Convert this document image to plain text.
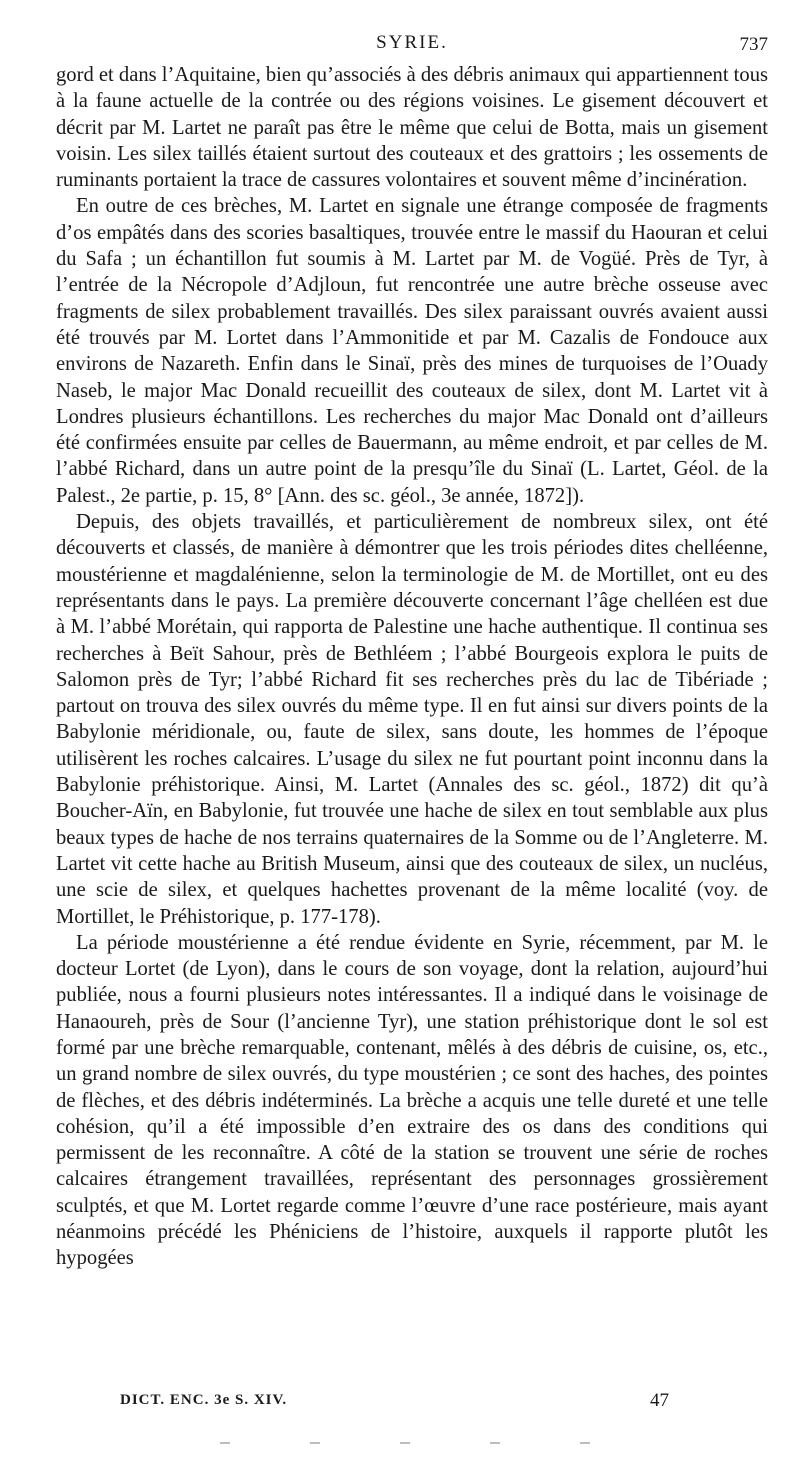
SYRIE.	737

gord et dans l’Aquitaine, bien qu’associés à des débris animaux qui appartiennent tous à la faune actuelle de la contrée ou des régions voisines. Le gisement découvert et décrit par M. Lartet ne paraît pas être le même que celui de Botta, mais un gisement voisin. Les silex taillés étaient surtout des couteaux et des grattoirs ; les ossements de ruminants portaient la trace de cassures volontaires et souvent même d’incinération.

En outre de ces brèches, M. Lartet en signale une étrange composée de fragments d’os empâtés dans des scories basaltiques, trouvée entre le massif du Haouran et celui du Safa ; un échantillon fut soumis à M. Lartet par M. de Vogüé. Près de Tyr, à l’entrée de la Nécropole d’Adjloun, fut rencontrée une autre brèche osseuse avec fragments de silex probablement travaillés. Des silex paraissant ouvrés avaient aussi été trouvés par M. Lortet dans l’Ammonitide et par M. Cazalis de Fondouce aux environs de Nazareth. Enfin dans le Sinaï, près des mines de turquoises de l’Ouady Naseb, le major Mac Donald recueillit des couteaux de silex, dont M. Lartet vit à Londres plusieurs échantillons. Les recherches du major Mac Donald ont d’ailleurs été confirmées ensuite par celles de Bauermann, au même endroit, et par celles de M. l’abbé Richard, dans un autre point de la presqu’île du Sinaï (L. Lartet, Géol. de la Palest., 2e partie, p. 15, 8° [Ann. des sc. géol., 3e année, 1872]).

Depuis, des objets travaillés, et particulièrement de nombreux silex, ont été découverts et classés, de manière à démontrer que les trois périodes dites chelléenne, moustérienne et magdalénienne, selon la terminologie de M. de Mortillet, ont eu des représentants dans le pays. La première découverte concernant l’âge chelléen est due à M. l’abbé Morétain, qui rapporta de Palestine une hache authentique. Il continua ses recherches à Beït Sahour, près de Bethléem ; l’abbé Bourgeois explora le puits de Salomon près de Tyr; l’abbé Richard fit ses recherches près du lac de Tibériade ; partout on trouva des silex ouvrés du même type. Il en fut ainsi sur divers points de la Babylonie méridionale, ou, faute de silex, sans doute, les hommes de l’époque utilisèrent les roches calcaires. L’usage du silex ne fut pourtant point inconnu dans la Babylonie préhistorique. Ainsi, M. Lartet (Annales des sc. géol., 1872) dit qu’à Boucher-Aïn, en Babylonie, fut trouvée une hache de silex en tout semblable aux plus beaux types de hache de nos terrains quaternaires de la Somme ou de l’Angleterre. M. Lartet vit cette hache au British Museum, ainsi que des couteaux de silex, un nucléus, une scie de silex, et quelques hachettes provenant de la même localité (voy. de Mortillet, le Préhistorique, p. 177-178).

La période moustérienne a été rendue évidente en Syrie, récemment, par M. le docteur Lortet (de Lyon), dans le cours de son voyage, dont la relation, aujourd’hui publiée, nous a fourni plusieurs notes intéressantes. Il a indiqué dans le voisinage de Hanaoureh, près de Sour (l’ancienne Tyr), une station préhistorique dont le sol est formé par une brèche remarquable, contenant, mêlés à des débris de cuisine, os, etc., un grand nombre de silex ouvrés, du type moustérien ; ce sont des haches, des pointes de flèches, et des débris indéterminés. La brèche a acquis une telle dureté et une telle cohésion, qu’il a été impossible d’en extraire des os dans des conditions qui permissent de les reconnaître. A côté de la station se trouvent une série de roches calcaires étrangement travaillées, représentant des personnages grossièrement sculptés, et que M. Lortet regarde comme l’œuvre d’une race postérieure, mais ayant néanmoins précédé les Phéniciens de l’histoire, auxquels il rapporte plutôt les hypogées

DICT. ENC. 3e S. XIV.	47
